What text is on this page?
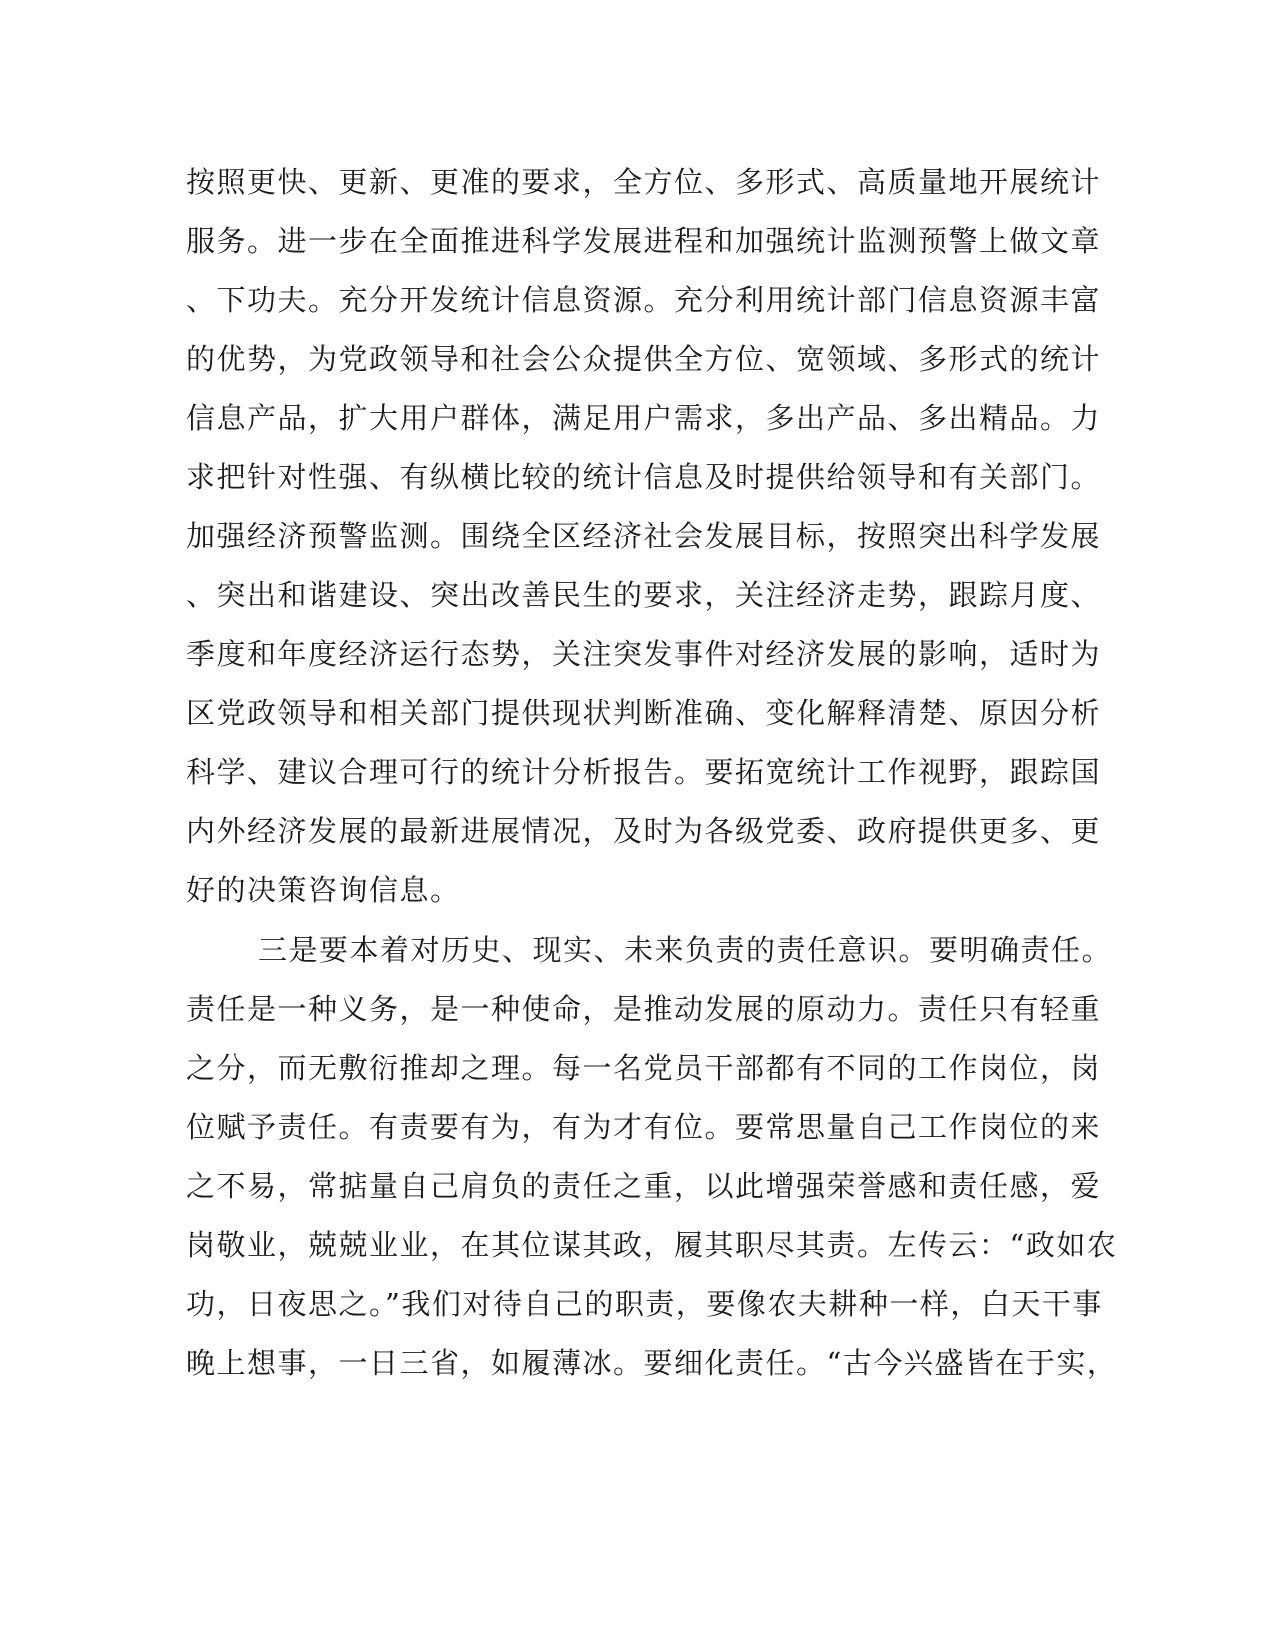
按照更快、更新、更准的要求，全方位、多形式、高质量地开展统计
服务。进一步在全面推进科学发展进程和加强统计监测预警上做文章
、下功夫。充分开发统计信息资源。充分利用统计部门信息资源丰富
的优势，为党政领导和社会公众提供全方位、宽领域、多形式的统计
信息产品，扩大用户群体，满足用户需求，多出产品、多出精品。力
求把针对性强、有纵横比较的统计信息及时提供给领导和有关部门。
加强经济预警监测。围绕全区经济社会发展目标，按照突出科学发展
、突出和谐建设、突出改善民生的要求，关注经济走势，跟踪月度、
季度和年度经济运行态势，关注突发事件对经济发展的影响，适时为
区党政领导和相关部门提供现状判断准确、变化解释清楚、原因分析
科学、建议合理可行的统计分析报告。要拓宽统计工作视野，跟踪国
内外经济发展的最新进展情况，及时为各级党委、政府提供更多、更
好的决策咨询信息。
三是要本着对历史、现实、未来负责的责任意识。要明确责任。
责任是一种义务，是一种使命，是推动发展的原动力。责任只有轻重
之分，而无敷衍推却之理。每一名党员干部都有不同的工作岗位，岗
位赋予责任。有责要有为，有为才有位。要常思量自己工作岗位的来
之不易，常掂量自己肩负的责任之重，以此增强荣誉感和责任感，爱
岗敬业，兢兢业业，在其位谋其政，履其职尽其责。左传云：“政如农
功，日夜思之。”我们对待自己的职责，要像农夫耕种一样，白天干事
晚上想事，一日三省，如履薄冰。要细化责任。“古今兴盛皆在于实，
